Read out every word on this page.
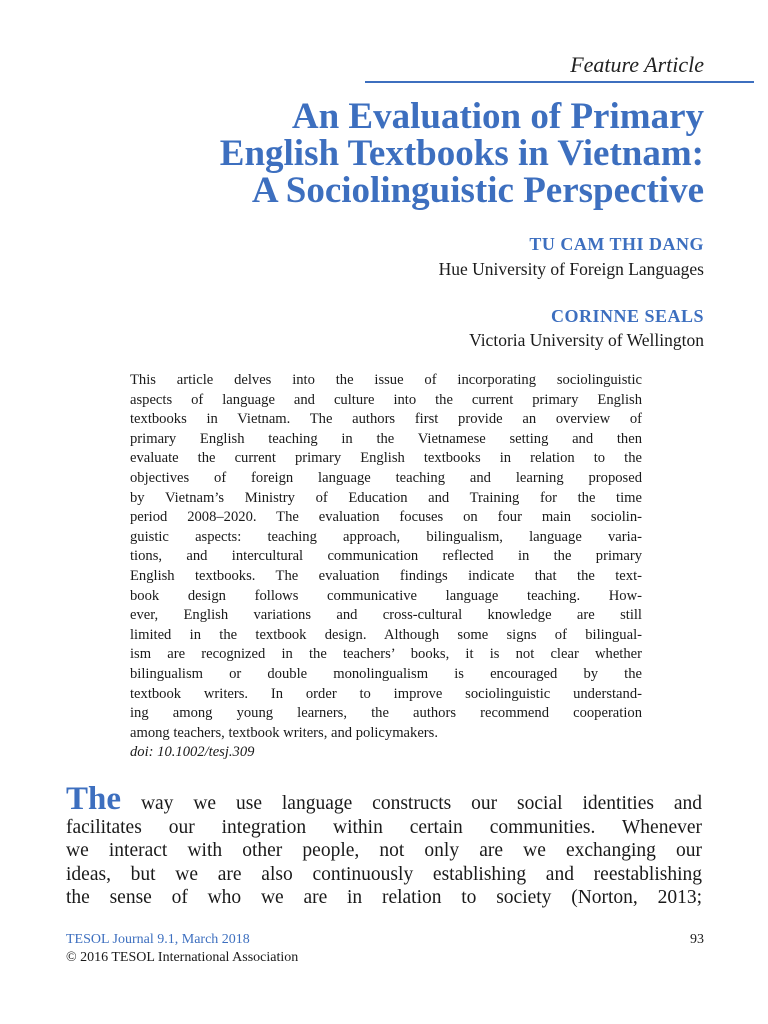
Feature Article
An Evaluation of Primary
English Textbooks in Vietnam:
A Sociolinguistic Perspective
TU CAM THI DANG
Hue University of Foreign Languages
CORINNE SEALS
Victoria University of Wellington
This article delves into the issue of incorporating sociolinguistic
aspects of language and culture into the current primary English
textbooks in Vietnam. The authors first provide an overview of
primary English teaching in the Vietnamese setting and then
evaluate the current primary English textbooks in relation to the
objectives of foreign language teaching and learning proposed
by Vietnam’s Ministry of Education and Training for the time
period 2008–2020. The evaluation focuses on four main sociolin-
guistic aspects: teaching approach, bilingualism, language varia-
tions, and intercultural communication reflected in the primary
English textbooks. The evaluation findings indicate that the text-
book design follows communicative language teaching. How-
ever, English variations and cross-cultural knowledge are still
limited in the textbook design. Although some signs of bilingual-
ism are recognized in the teachers’ books, it is not clear whether
bilingualism or double monolingualism is encouraged by the
textbook writers. In order to improve sociolinguistic understand-
ing among young learners, the authors recommend cooperation
among teachers, textbook writers, and policymakers.
doi: 10.1002/tesj.309
The way we use language constructs our social identities and
facilitates our integration within certain communities. Whenever
we interact with other people, not only are we exchanging our
ideas, but we are also continuously establishing and reestablishing
the sense of who we are in relation to society (Norton, 2013;
TESOL Journal 9.1, March 2018	93
© 2016 TESOL International Association
